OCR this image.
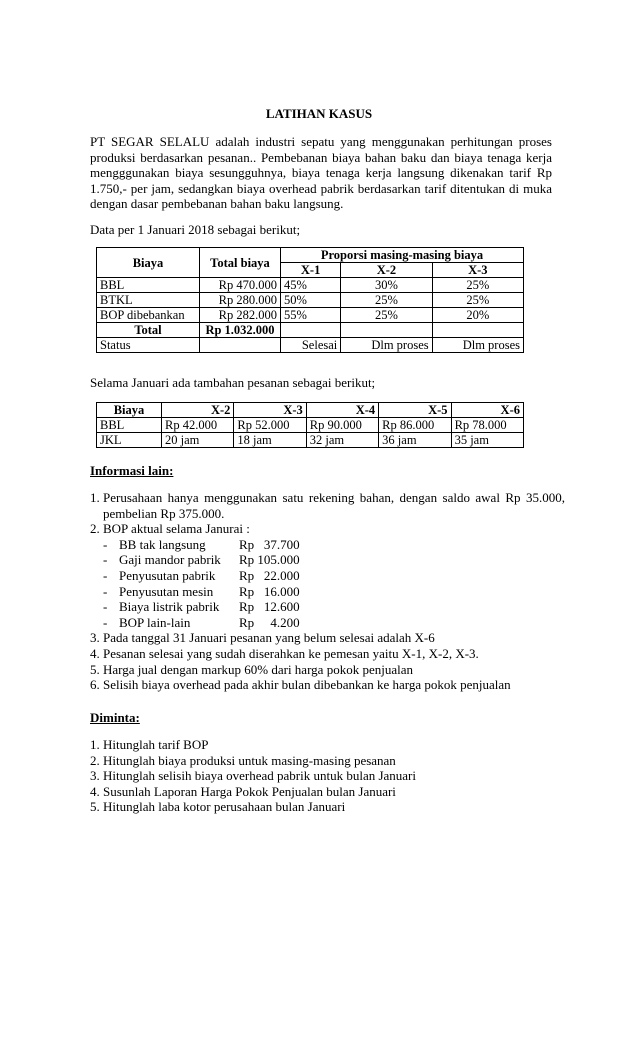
LATIHAN KASUS
PT SEGAR SELALU adalah industri sepatu yang menggunakan perhitungan proses produksi berdasarkan pesanan.. Pembebanan biaya bahan baku dan biaya tenaga kerja mengggunakan biaya sesungguhnya, biaya tenaga kerja langsung dikenakan tarif Rp 1.750,- per jam, sedangkan biaya overhead pabrik berdasarkan tarif ditentukan di muka dengan dasar pembebanan bahan baku langsung.
Data per 1 Januari 2018 sebagai berikut;
Biaya	Total biaya	Proporsi masing-masing biaya		
		X-1	X-2	X-3
BBL	Rp 470.000	45%	30%	25%
BTKL	Rp 280.000	50%	25%	25%
BOP dibebankan	Rp 282.000	55%	25%	20%
Total	Rp 1.032.000			
Status		Selesai	Dlm proses	Dlm proses
Selama Januari ada tambahan pesanan sebagai berikut;
Biaya	X-2	X-3	X-4	X-5	X-6
BBL	Rp 42.000	Rp 52.000	Rp 90.000	Rp 86.000	Rp 78.000
JKL	20 jam	18 jam	32 jam	36 jam	35 jam
Informasi lain:
1. Perusahaan hanya menggunakan satu rekening bahan, dengan saldo awal Rp 35.000, pembelian Rp 375.000.
2. BOP aktual selama Janurai :
- BB tak langsung	Rp   37.700
- Gaji mandor pabrik	Rp 105.000
- Penyusutan pabrik	Rp   22.000
- Penyusutan mesin	Rp   16.000
- Biaya listrik pabrik	Rp   12.600
- BOP lain-lain	Rp     4.200
3. Pada tanggal 31 Januari pesanan yang belum selesai adalah X-6
4. Pesanan selesai yang sudah diserahkan ke pemesan yaitu X-1, X-2, X-3.
5. Harga jual dengan markup 60% dari harga pokok penjualan
6. Selisih biaya overhead pada akhir bulan dibebankan ke harga pokok penjualan
Diminta:
1. Hitunglah tarif BOP
2. Hitunglah biaya produksi untuk masing-masing pesanan
3. Hitunglah selisih biaya overhead pabrik untuk bulan Januari
4. Susunlah Laporan Harga Pokok Penjualan bulan Januari
5. Hitunglah laba kotor perusahaan bulan Januari
